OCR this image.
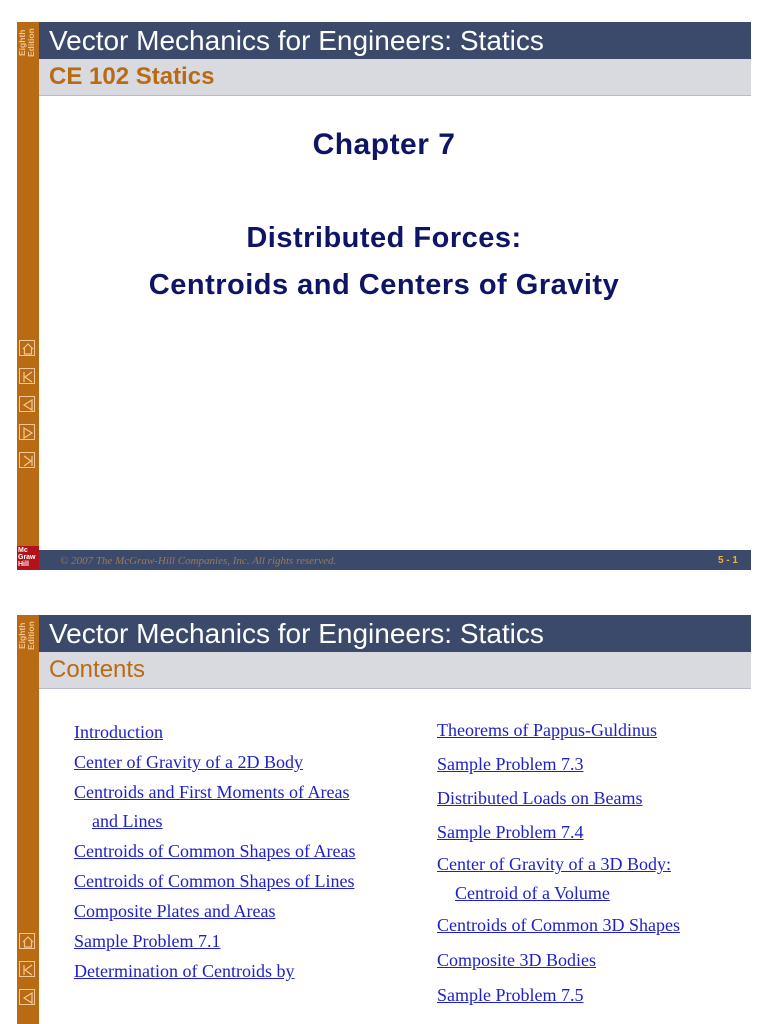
Eighth Edition Vector Mechanics for Engineers: Statics
CE 102 Statics
Chapter 7
Distributed Forces:
Centroids and Centers of Gravity
© 2007 The McGraw-Hill Companies, Inc. All rights reserved.	5 - 1
Mc
Graw
Hill
Eighth Edition Vector Mechanics for Engineers: Statics
Contents
Introduction
Center of Gravity of a 2D Body
Centroids and First Moments of Areas
and Lines
Centroids of Common Shapes of Areas
Centroids of Common Shapes of Lines
Composite Plates and Areas
Sample Problem 7.1
Determination of Centroids by
Theorems of Pappus-Guldinus
Sample Problem 7.3
Distributed Loads on Beams
Sample Problem 7.4
Center of Gravity of a 3D Body:
Centroid of a Volume
Centroids of Common 3D Shapes
Composite 3D Bodies
Sample Problem 7.5
